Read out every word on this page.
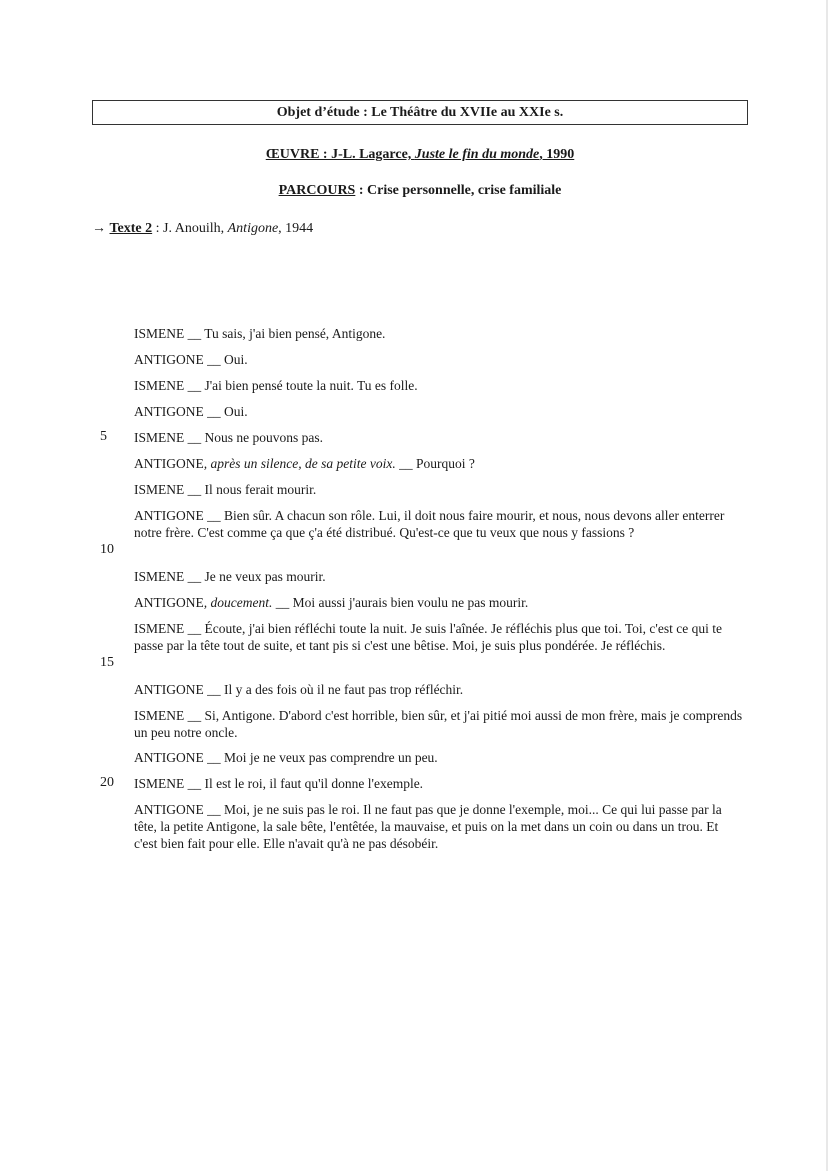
Objet d’étude : Le Théâtre du XVIIe au XXIe s.
ŒUVRE : J-L. Lagarce, Juste le fin du monde, 1990
PARCOURS : Crise personnelle, crise familiale
→ Texte 2 : J. Anouilh, Antigone, 1944
5
10
15
20
ISMENE __ Tu sais, j'ai bien pensé, Antigone.
ANTIGONE __ Oui.
ISMENE __ J'ai bien pensé toute la nuit. Tu es folle.
ANTIGONE __ Oui.
ISMENE __ Nous ne pouvons pas.
ANTIGONE, après un silence, de sa petite voix. __ Pourquoi ?
ISMENE __ Il nous ferait mourir.
ANTIGONE __ Bien sûr. A chacun son rôle. Lui, il doit nous faire mourir, et nous, nous devons aller enterrer notre frère. C'est comme ça que ç'a été distribué. Qu'est-ce que tu veux que nous y fassions ?
ISMENE __ Je ne veux pas mourir.
ANTIGONE, doucement. __ Moi aussi j'aurais bien voulu ne pas mourir.
ISMENE __ Écoute, j'ai bien réfléchi toute la nuit. Je suis l'aînée. Je réfléchis plus que toi. Toi, c'est ce qui te passe par la tête tout de suite, et tant pis si c'est une bêtise. Moi, je suis plus pondérée. Je réfléchis.
ANTIGONE __ Il y a des fois où il ne faut pas trop réfléchir.
ISMENE __ Si, Antigone. D'abord c'est horrible, bien sûr, et j'ai pitié moi aussi de mon frère, mais je comprends un peu notre oncle.
ANTIGONE __ Moi je ne veux pas comprendre un peu.
ISMENE __ Il est le roi, il faut qu'il donne l'exemple.
ANTIGONE __ Moi, je ne suis pas le roi. Il ne faut pas que je donne l'exemple, moi... Ce qui lui passe par la tête, la petite Antigone, la sale bête, l'entêtée, la mauvaise, et puis on la met dans un coin ou dans un trou. Et c'est bien fait pour elle. Elle n'avait qu'à ne pas désobéir.
